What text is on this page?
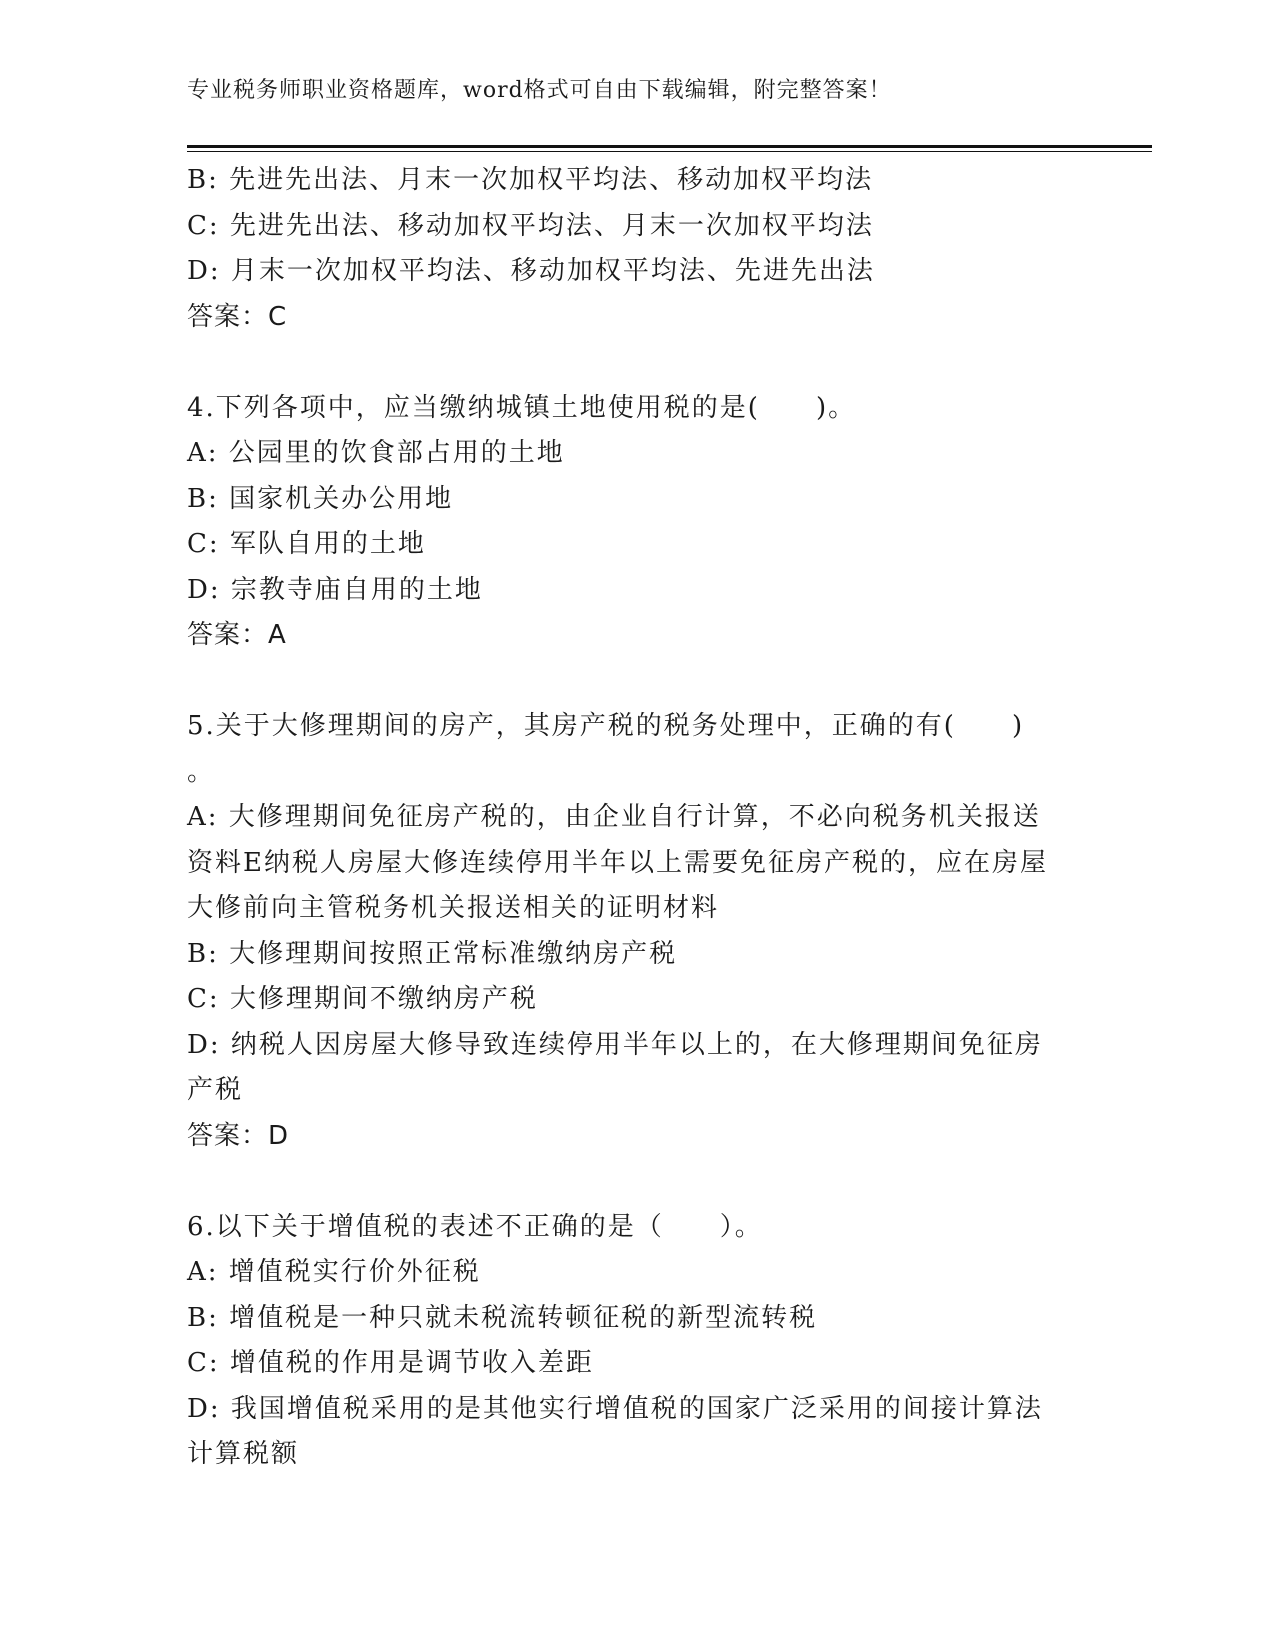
专业税务师职业资格题库，word格式可自由下载编辑，附完整答案！
B: 先进先出法、月末一次加权平均法、移动加权平均法
C: 先进先出法、移动加权平均法、月末一次加权平均法
D: 月末一次加权平均法、移动加权平均法、先进先出法
答案：C
4.下列各项中，应当缴纳城镇土地使用税的是(　　)。
A: 公园里的饮食部占用的土地
B: 国家机关办公用地
C: 军队自用的土地
D: 宗教寺庙自用的土地
答案：A
5.关于大修理期间的房产，其房产税的税务处理中，正确的有(　　)
。
A: 大修理期间免征房产税的，由企业自行计算，不必向税务机关报送资料E纳税人房屋大修连续停用半年以上需要免征房产税的，应在房屋大修前向主管税务机关报送相关的证明材料
B: 大修理期间按照正常标准缴纳房产税
C: 大修理期间不缴纳房产税
D: 纳税人因房屋大修导致连续停用半年以上的，在大修理期间免征房产税
答案：D
6.以下关于增值税的表述不正确的是（　　）。
A: 增值税实行价外征税
B: 增值税是一种只就未税流转顿征税的新型流转税
C: 增值税的作用是调节收入差距
D: 我国增值税采用的是其他实行增值税的国家广泛采用的间接计算法计算税额
